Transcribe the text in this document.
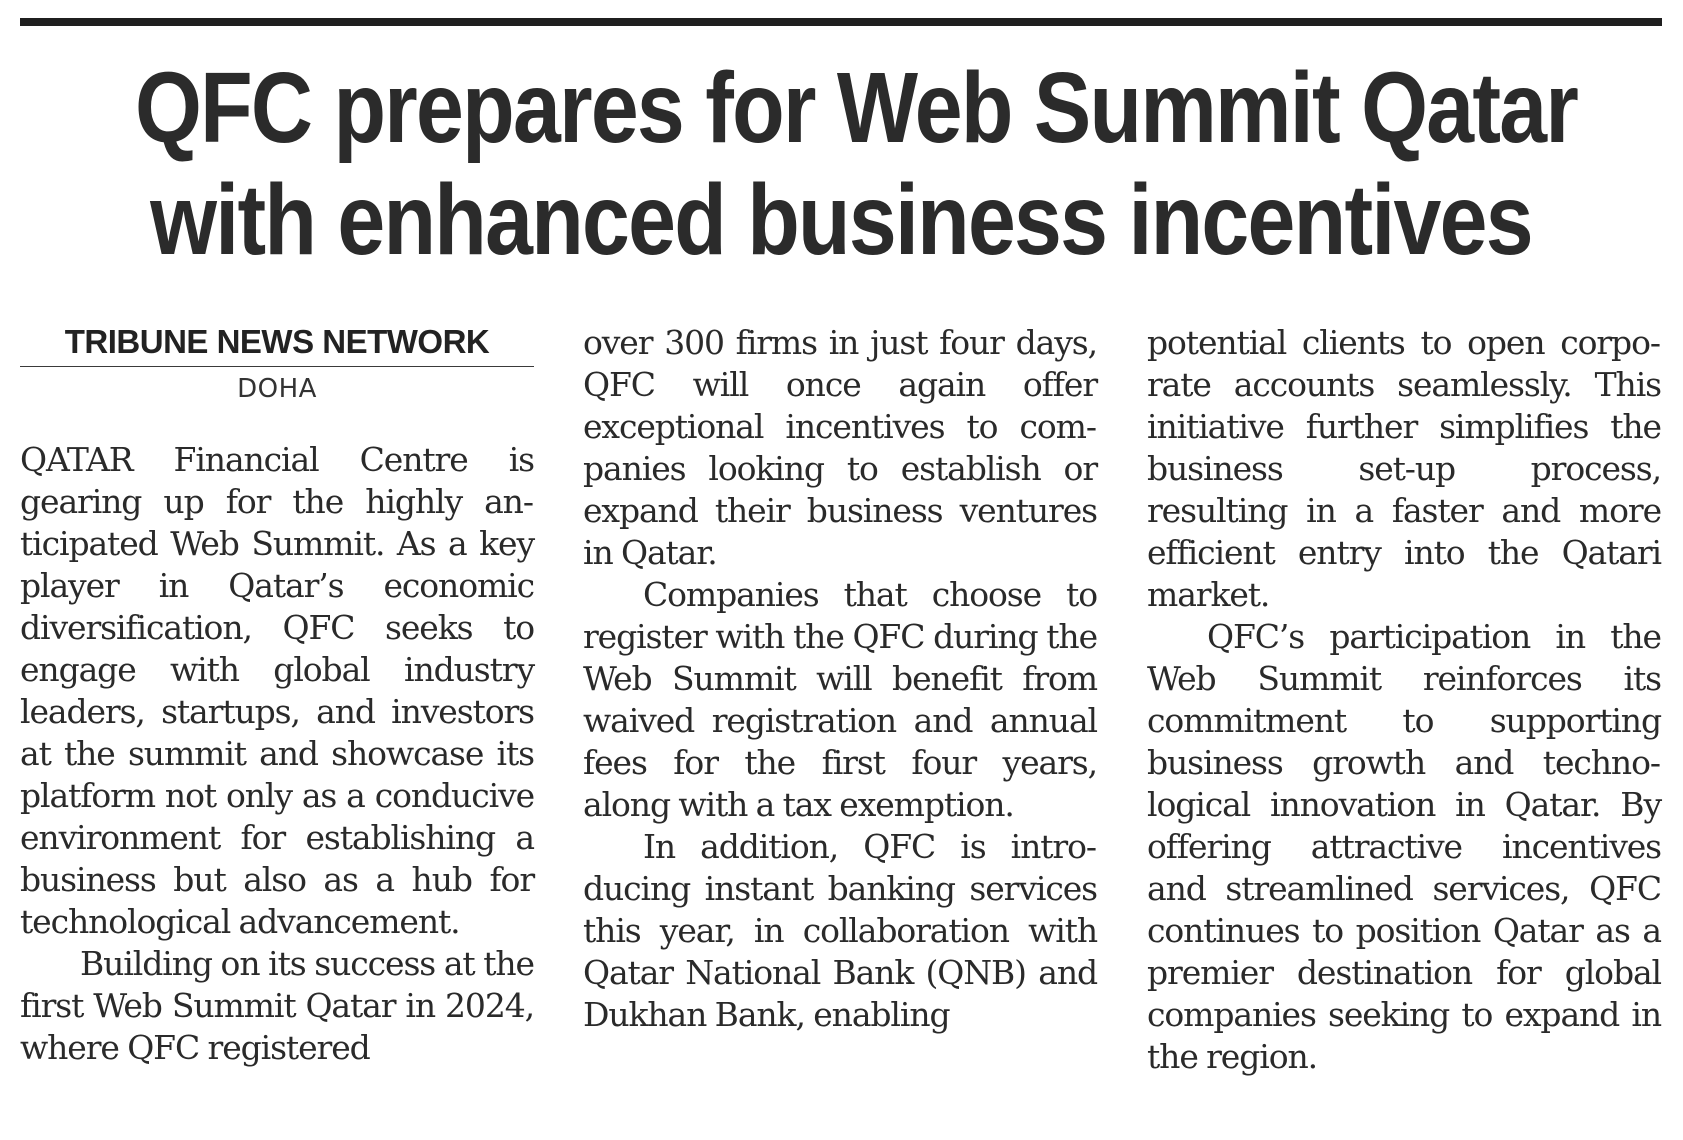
QFC prepares for Web Summit Qatar
with enhanced business incentives
TRIBUNE NEWS NETWORK
DOHA

QATAR Financial Centre is gearing up for the highly anticipated Web Summit. As a key player in Qatar’s economic diversification, QFC seeks to engage with global industry leaders, startups, and investors at the summit and showcase its platform not only as a conducive environment for establishing a business but also as a hub for technological advancement.

Building on its success at the first Web Summit Qatar in 2024, where QFC registered

over 300 firms in just four days, QFC will once again offer exceptional incentives to companies looking to establish or expand their business ventures in Qatar.

Companies that choose to register with the QFC during the Web Summit will benefit from waived registration and annual fees for the first four years, along with a tax exemption.

In addition, QFC is introducing instant banking services this year, in collaboration with Qatar National Bank (QNB) and Dukhan Bank, enabling

potential clients to open corporate accounts seamlessly. This initiative further simplifies the business set-up process, resulting in a faster and more efficient entry into the Qatari market.

QFC’s participation in the Web Summit reinforces its commitment to supporting business growth and technological innovation in Qatar. By offering attractive incentives and streamlined services, QFC continues to position Qatar as a premier destination for global companies seeking to expand in the region.
